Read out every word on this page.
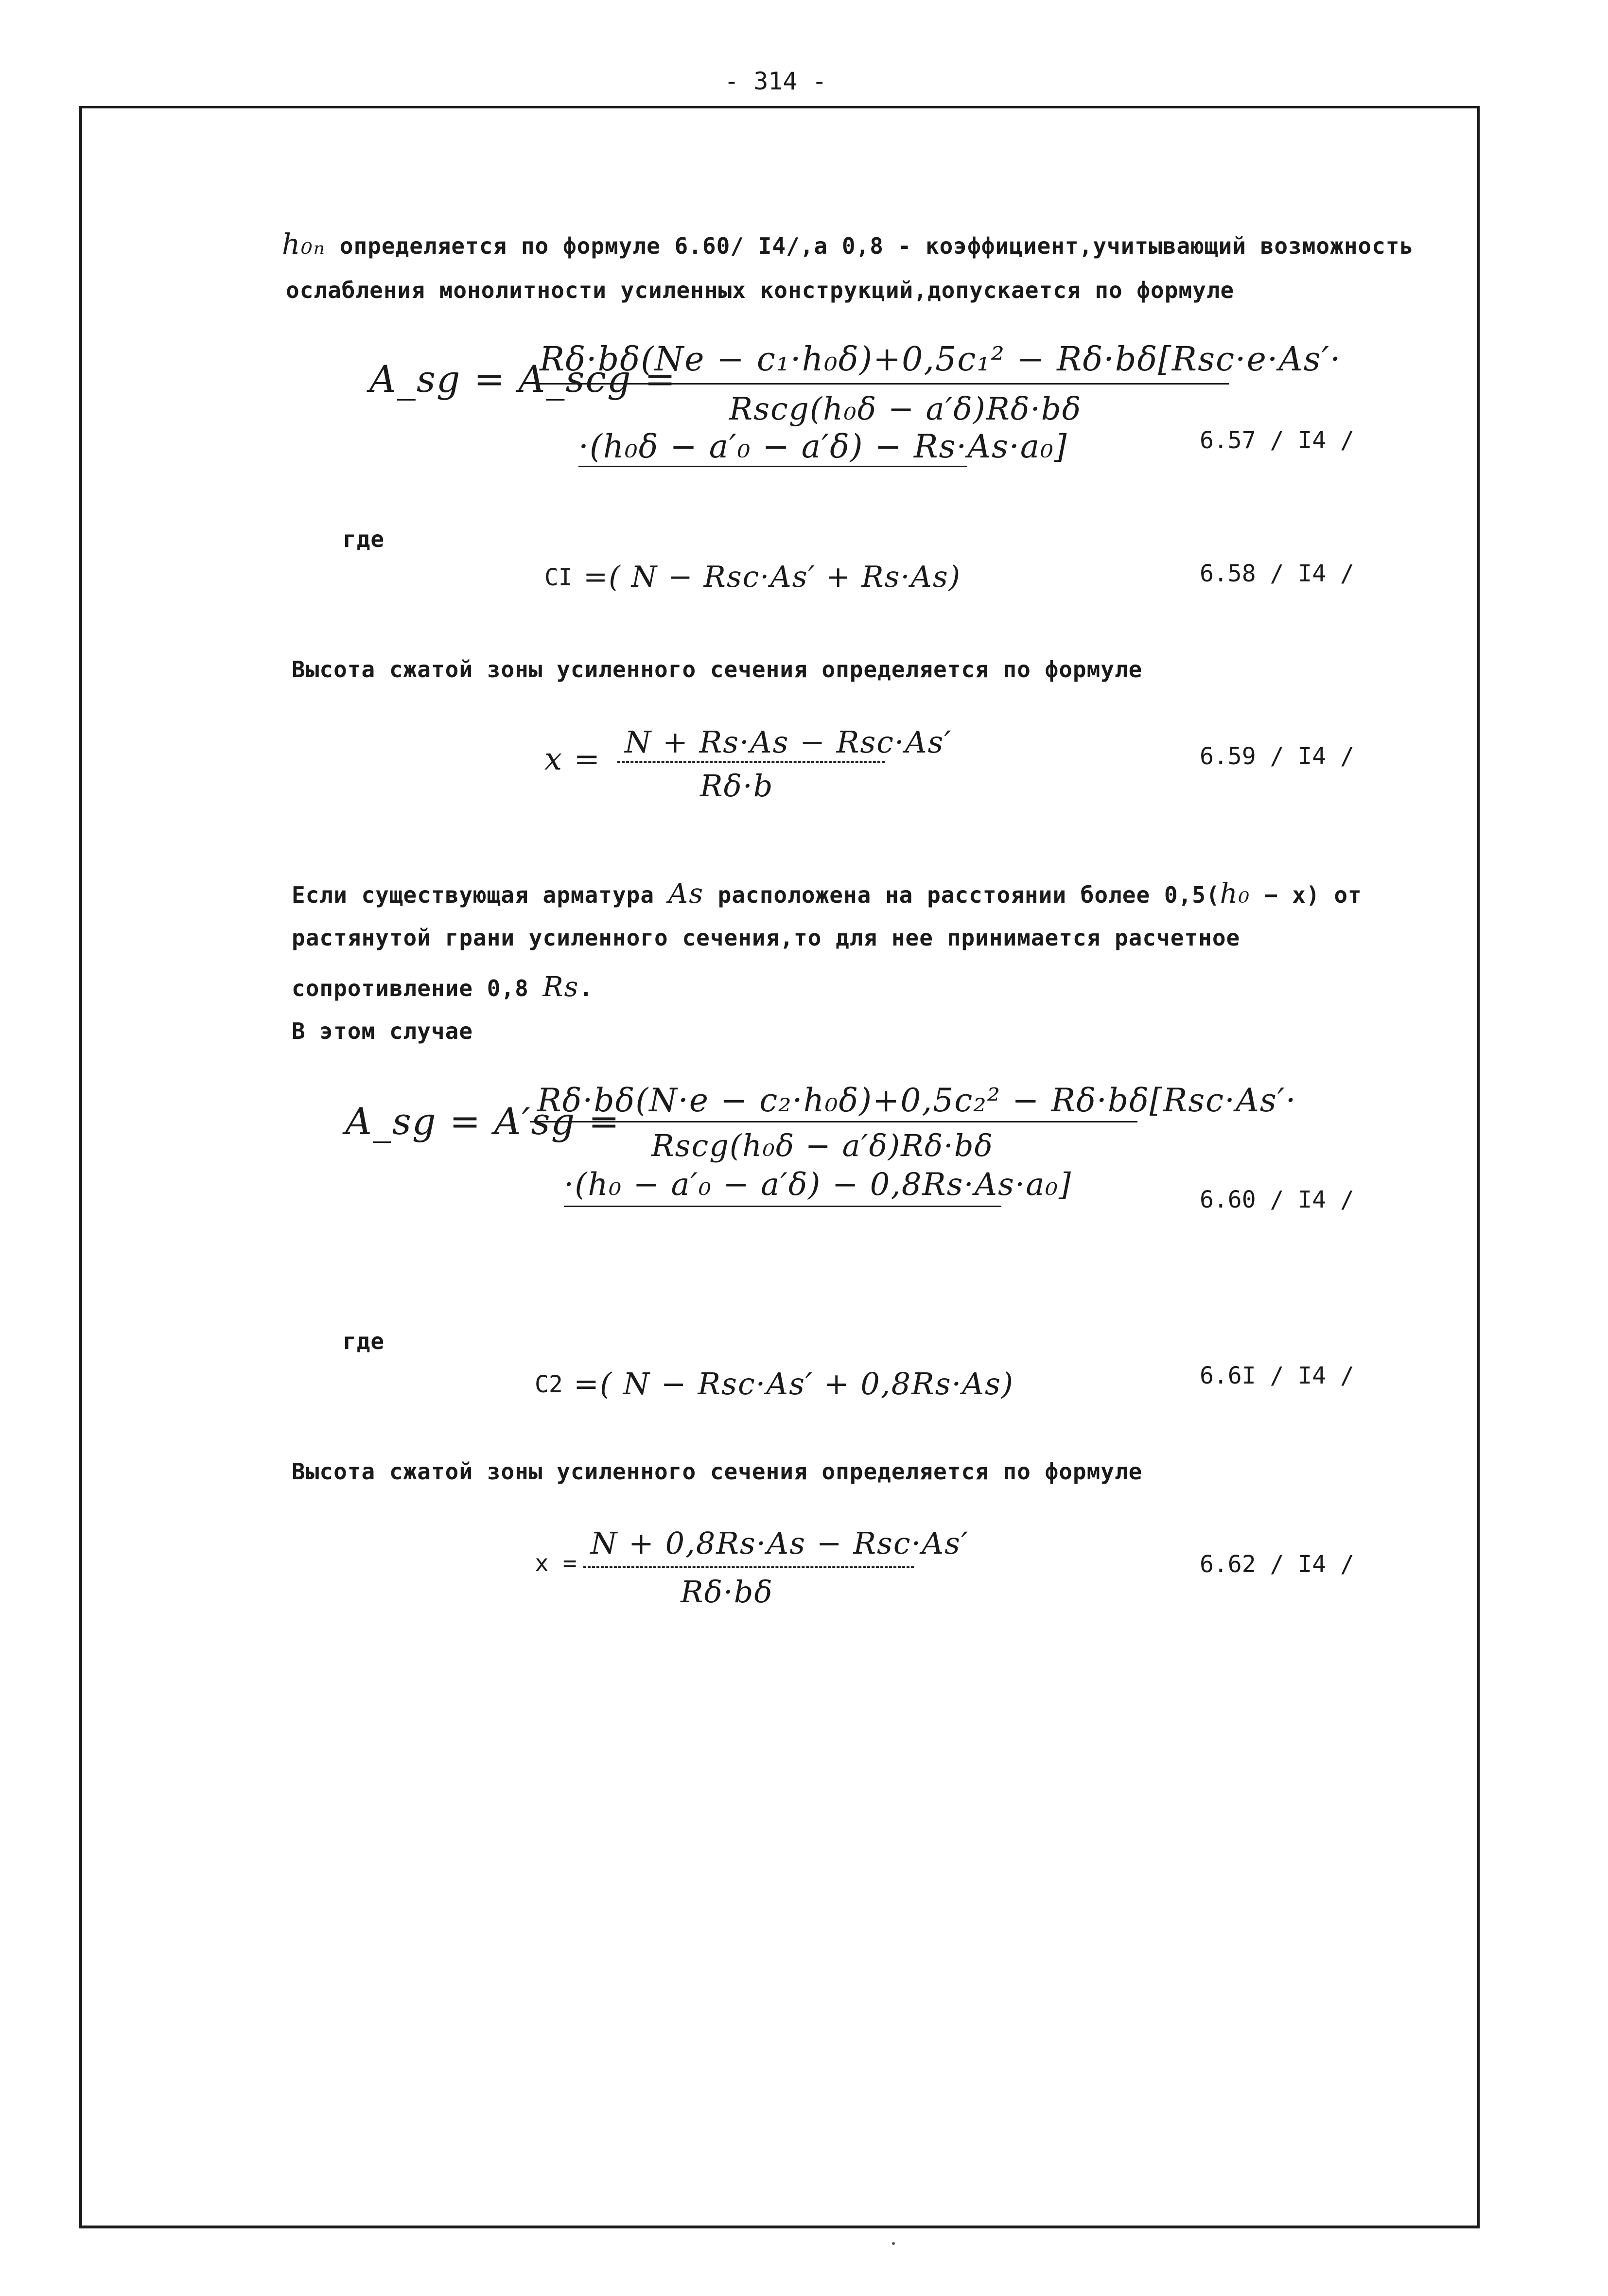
- 314 -
h₀ₙ определяется по формуле 6.60/ I4/,а 0,8 - коэффициент,учитывающий возможность
ослабления монолитности усиленных конструкций,допускается по формуле
A_sg = A_scg =
Rδ·bδ(Ne − c₁·h₀δ)+0,5c₁² − Rδ·bδ[Rsc·e·As′·
Rscg(h₀δ − a′δ)Rδ·bδ
·(h₀δ − a′₀ − a′δ) − Rs·As·a₀]	6.57 / I4 /
где
CI =( N − Rsc·As′ + Rs·As)	6.58 / I4 /
Высота сжатой зоны усиленного сечения определяется по формуле
x = N + Rs·As − Rsc·As′
Rδ·b
6.59 / I4 /
Если существующая арматура As расположена на расстоянии более 0,5(h₀ − x) от
растянутой грани усиленного сечения,то для нее принимается расчетное
сопротивление 0,8 Rs.
В этом случае
A_sg = A′sg =
Rδ·bδ(N·e − c₂·h₀δ)+0,5c₂² − Rδ·bδ[Rsc·As′·
Rscg(h₀δ − a′δ)Rδ·bδ
·(h₀ − a′₀ − a′δ) − 0,8Rs·As·a₀]	6.60 / I4 /
где
C2 =( N − Rsc·As′ + 0,8Rs·As)	6.6I / I4 /
Высота сжатой зоны усиленного сечения определяется по формуле
x =
N + 0,8Rs·As − Rsc·As′
Rδ·bδ
6.62 / I4 /
